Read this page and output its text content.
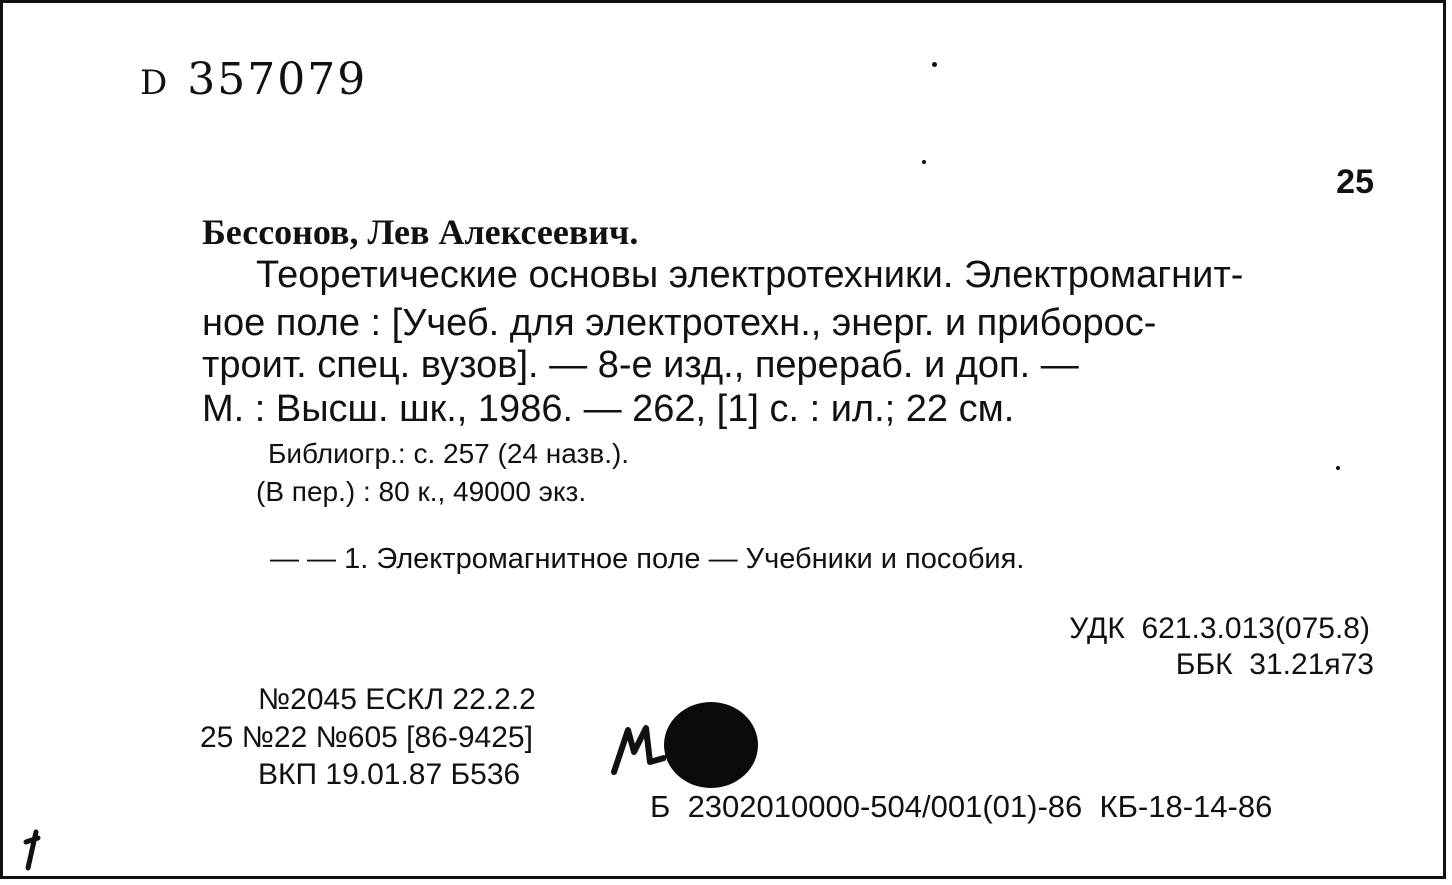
D 357079
25
Бессонов, Лев Алексеевич.
Теоретические основы электротехники. Электромагнит-
ное поле : [Учеб. для электротехн., энерг. и приборос-
троит. спец. вузов]. — 8-е изд., перераб. и доп. —
М. : Высш. шк., 1986. — 262, [1] с. : ил.; 22 см.
Библиогр.: с. 257 (24 назв.).
(В пер.) : 80 к., 49000 экз.
— — 1. Электромагнитное поле — Учебники и пособия.
УДК  621.3.013(075.8)
ББК  31.21я73
№2045 ЕСКЛ 22.2.2
25 №22 №605 [86-9425]
ВКП 19.01.87 Б536
Б  2302010000-504/001(01)-86  КБ-18-14-86
